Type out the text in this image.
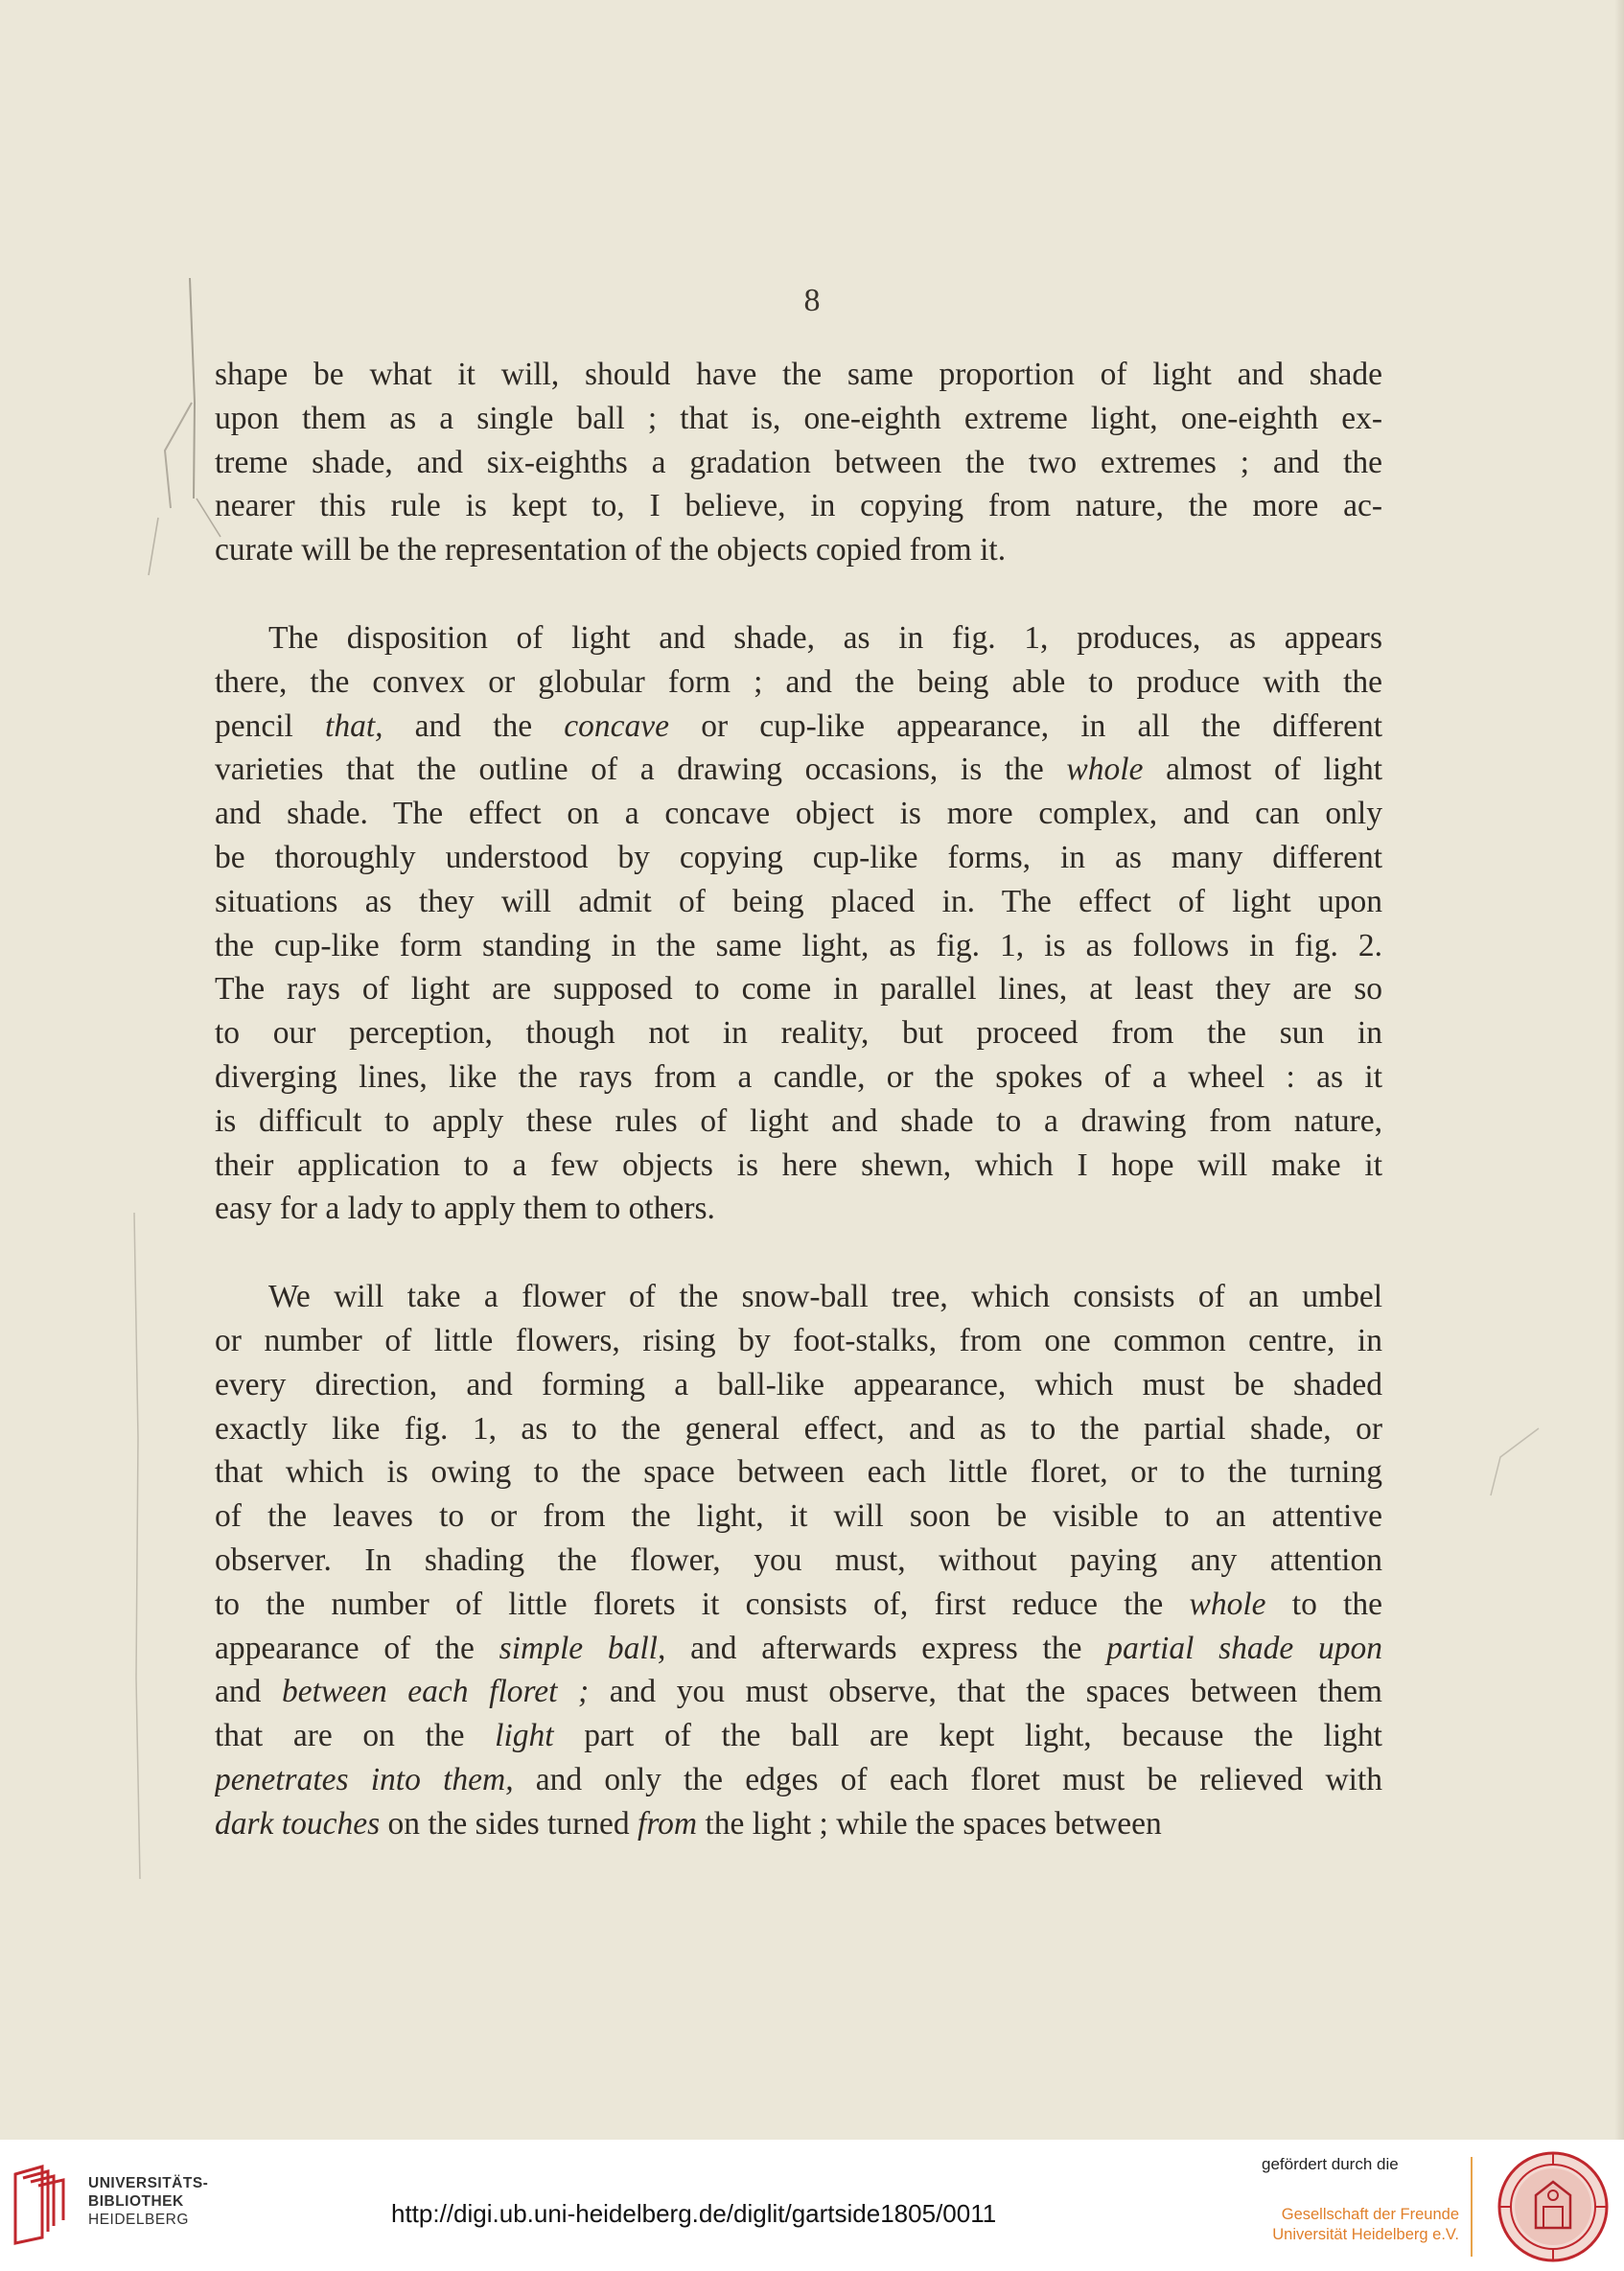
8
shape be what it will, should have the same proportion of light and shade
upon them as a single ball ; that is, one-eighth extreme light, one-eighth ex-
treme shade, and six-eighths a gradation between the two extremes ; and the
nearer this rule is kept to, I believe, in copying from nature, the more ac-
curate will be the representation of the objects copied from it.
The disposition of light and shade, as in fig. 1, produces, as appears
there, the convex or globular form ; and the being able to produce with the
pencil that, and the concave or cup-like appearance, in all the different
varieties that the outline of a drawing occasions, is the whole almost of light
and shade. The effect on a concave object is more complex, and can only
be thoroughly understood by copying cup-like forms, in as many different
situations as they will admit of being placed in. The effect of light upon
the cup-like form standing in the same light, as fig. 1, is as follows in fig. 2.
The rays of light are supposed to come in parallel lines, at least they are so
to our perception, though not in reality, but proceed from the sun in
diverging lines, like the rays from a candle, or the spokes of a wheel : as it
is difficult to apply these rules of light and shade to a drawing from nature,
their application to a few objects is here shewn, which I hope will make it
easy for a lady to apply them to others.
We will take a flower of the snow-ball tree, which consists of an umbel
or number of little flowers, rising by foot-stalks, from one common centre, in
every direction, and forming a ball-like appearance, which must be shaded
exactly like fig. 1, as to the general effect, and as to the partial shade, or
that which is owing to the space between each little floret, or to the turning
of the leaves to or from the light, it will soon be visible to an attentive
observer. In shading the flower, you must, without paying any attention
to the number of little florets it consists of, first reduce the whole to the
appearance of the simple ball, and afterwards express the partial shade upon
and between each floret ; and you must observe, that the spaces between them
that are on the light part of the ball are kept light, because the light
penetrates into them, and only the edges of each floret must be relieved with
dark touches on the sides turned from the light ; while the spaces between
UNIVERSITÄTS-
BIBLIOTHEK
HEIDELBERG	http://digi.ub.uni-heidelberg.de/diglit/gartside1805/0011
gefördert durch die
Gesellschaft der Freunde
Universität Heidelberg e.V.
